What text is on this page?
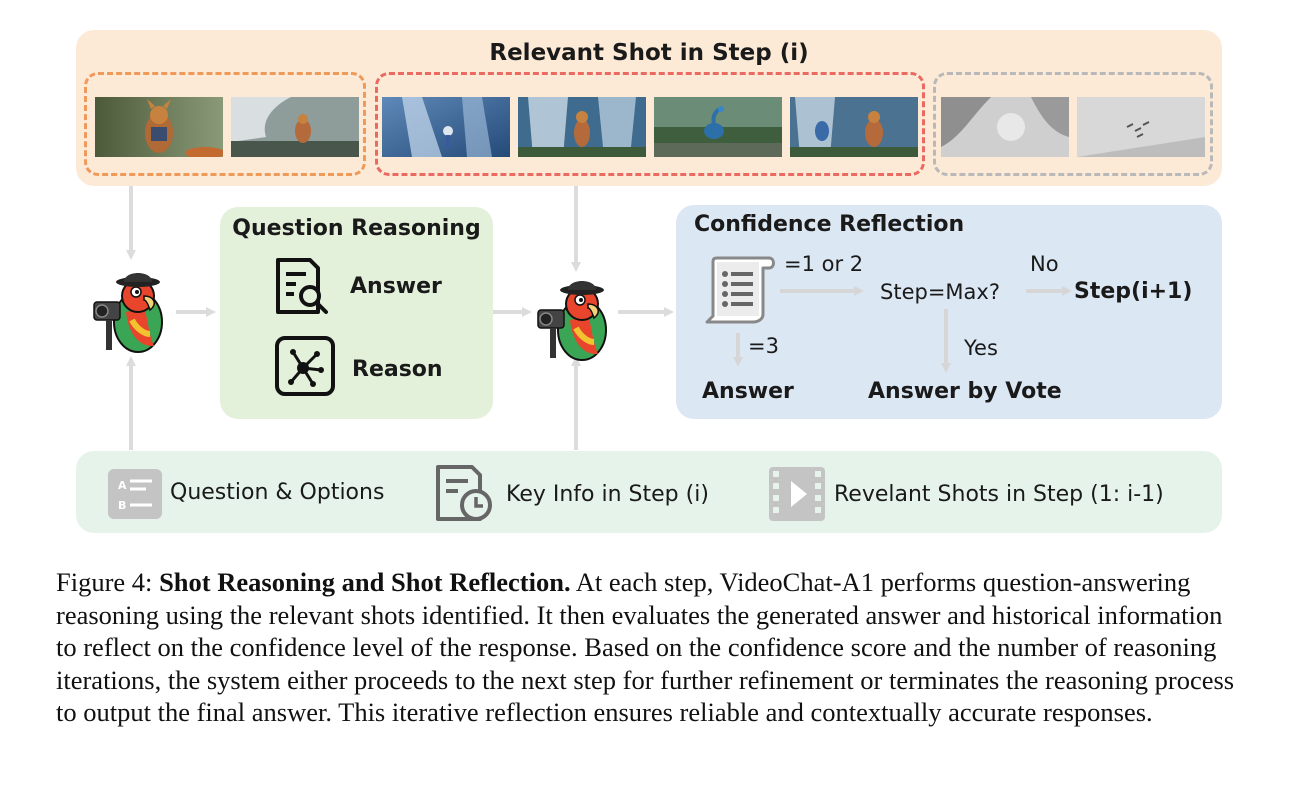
Relevant Shot in Step (i)
Question Reasoning
Answer
Reason
Confidence Reflection
=1 or 2
Step=Max?
No
Step(i+1)
=3	Yes
Answer	Answer by Vote
A
B
Question & Options	Key Info in Step (i)	Revelant Shots in Step (1: i-1)
Figure 4: Shot Reasoning and Shot Reflection. At each step, VideoChat-A1 performs question-answering reasoning using the relevant shots identified. It then evaluates the generated answer and historical information to reflect on the confidence level of the response. Based on the confidence score and the number of reasoning iterations, the system either proceeds to the next step for further refinement or terminates the reasoning process to output the final answer. This iterative reflection ensures reliable and contextually accurate responses.
